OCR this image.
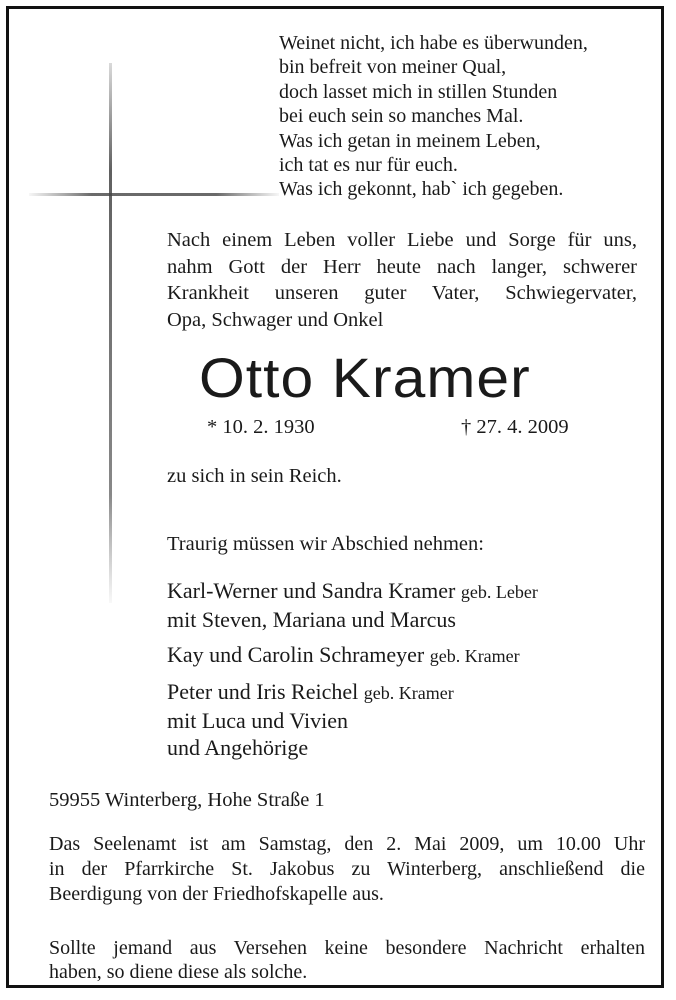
Weinet nicht, ich habe es überwunden,
bin befreit von meiner Qual,
doch lasset mich in stillen Stunden
bei euch sein so manches Mal.
Was ich getan in meinem Leben,
ich tat es nur für euch.
Was ich gekonnt, hab` ich gegeben.
Nach einem Leben voller Liebe und Sorge für uns,
nahm Gott der Herr heute nach langer, schwerer
Krankheit unseren guter Vater, Schwiegervater,
Opa, Schwager und Onkel
Otto Kramer
* 10. 2. 1930	† 27. 4. 2009
zu sich in sein Reich.
Traurig müssen wir Abschied nehmen:
Karl-Werner und Sandra Kramer geb. Leber
mit Steven, Mariana und Marcus
Kay und Carolin Schrameyer geb. Kramer
Peter und Iris Reichel geb. Kramer
mit Luca und Vivien
und Angehörige
59955 Winterberg, Hohe Straße 1
Das Seelenamt ist am Samstag, den 2. Mai 2009, um 10.00 Uhr
in der Pfarrkirche St. Jakobus zu Winterberg, anschließend die
Beerdigung von der Friedhofskapelle aus.
Sollte jemand aus Versehen keine besondere Nachricht erhalten
haben, so diene diese als solche.
